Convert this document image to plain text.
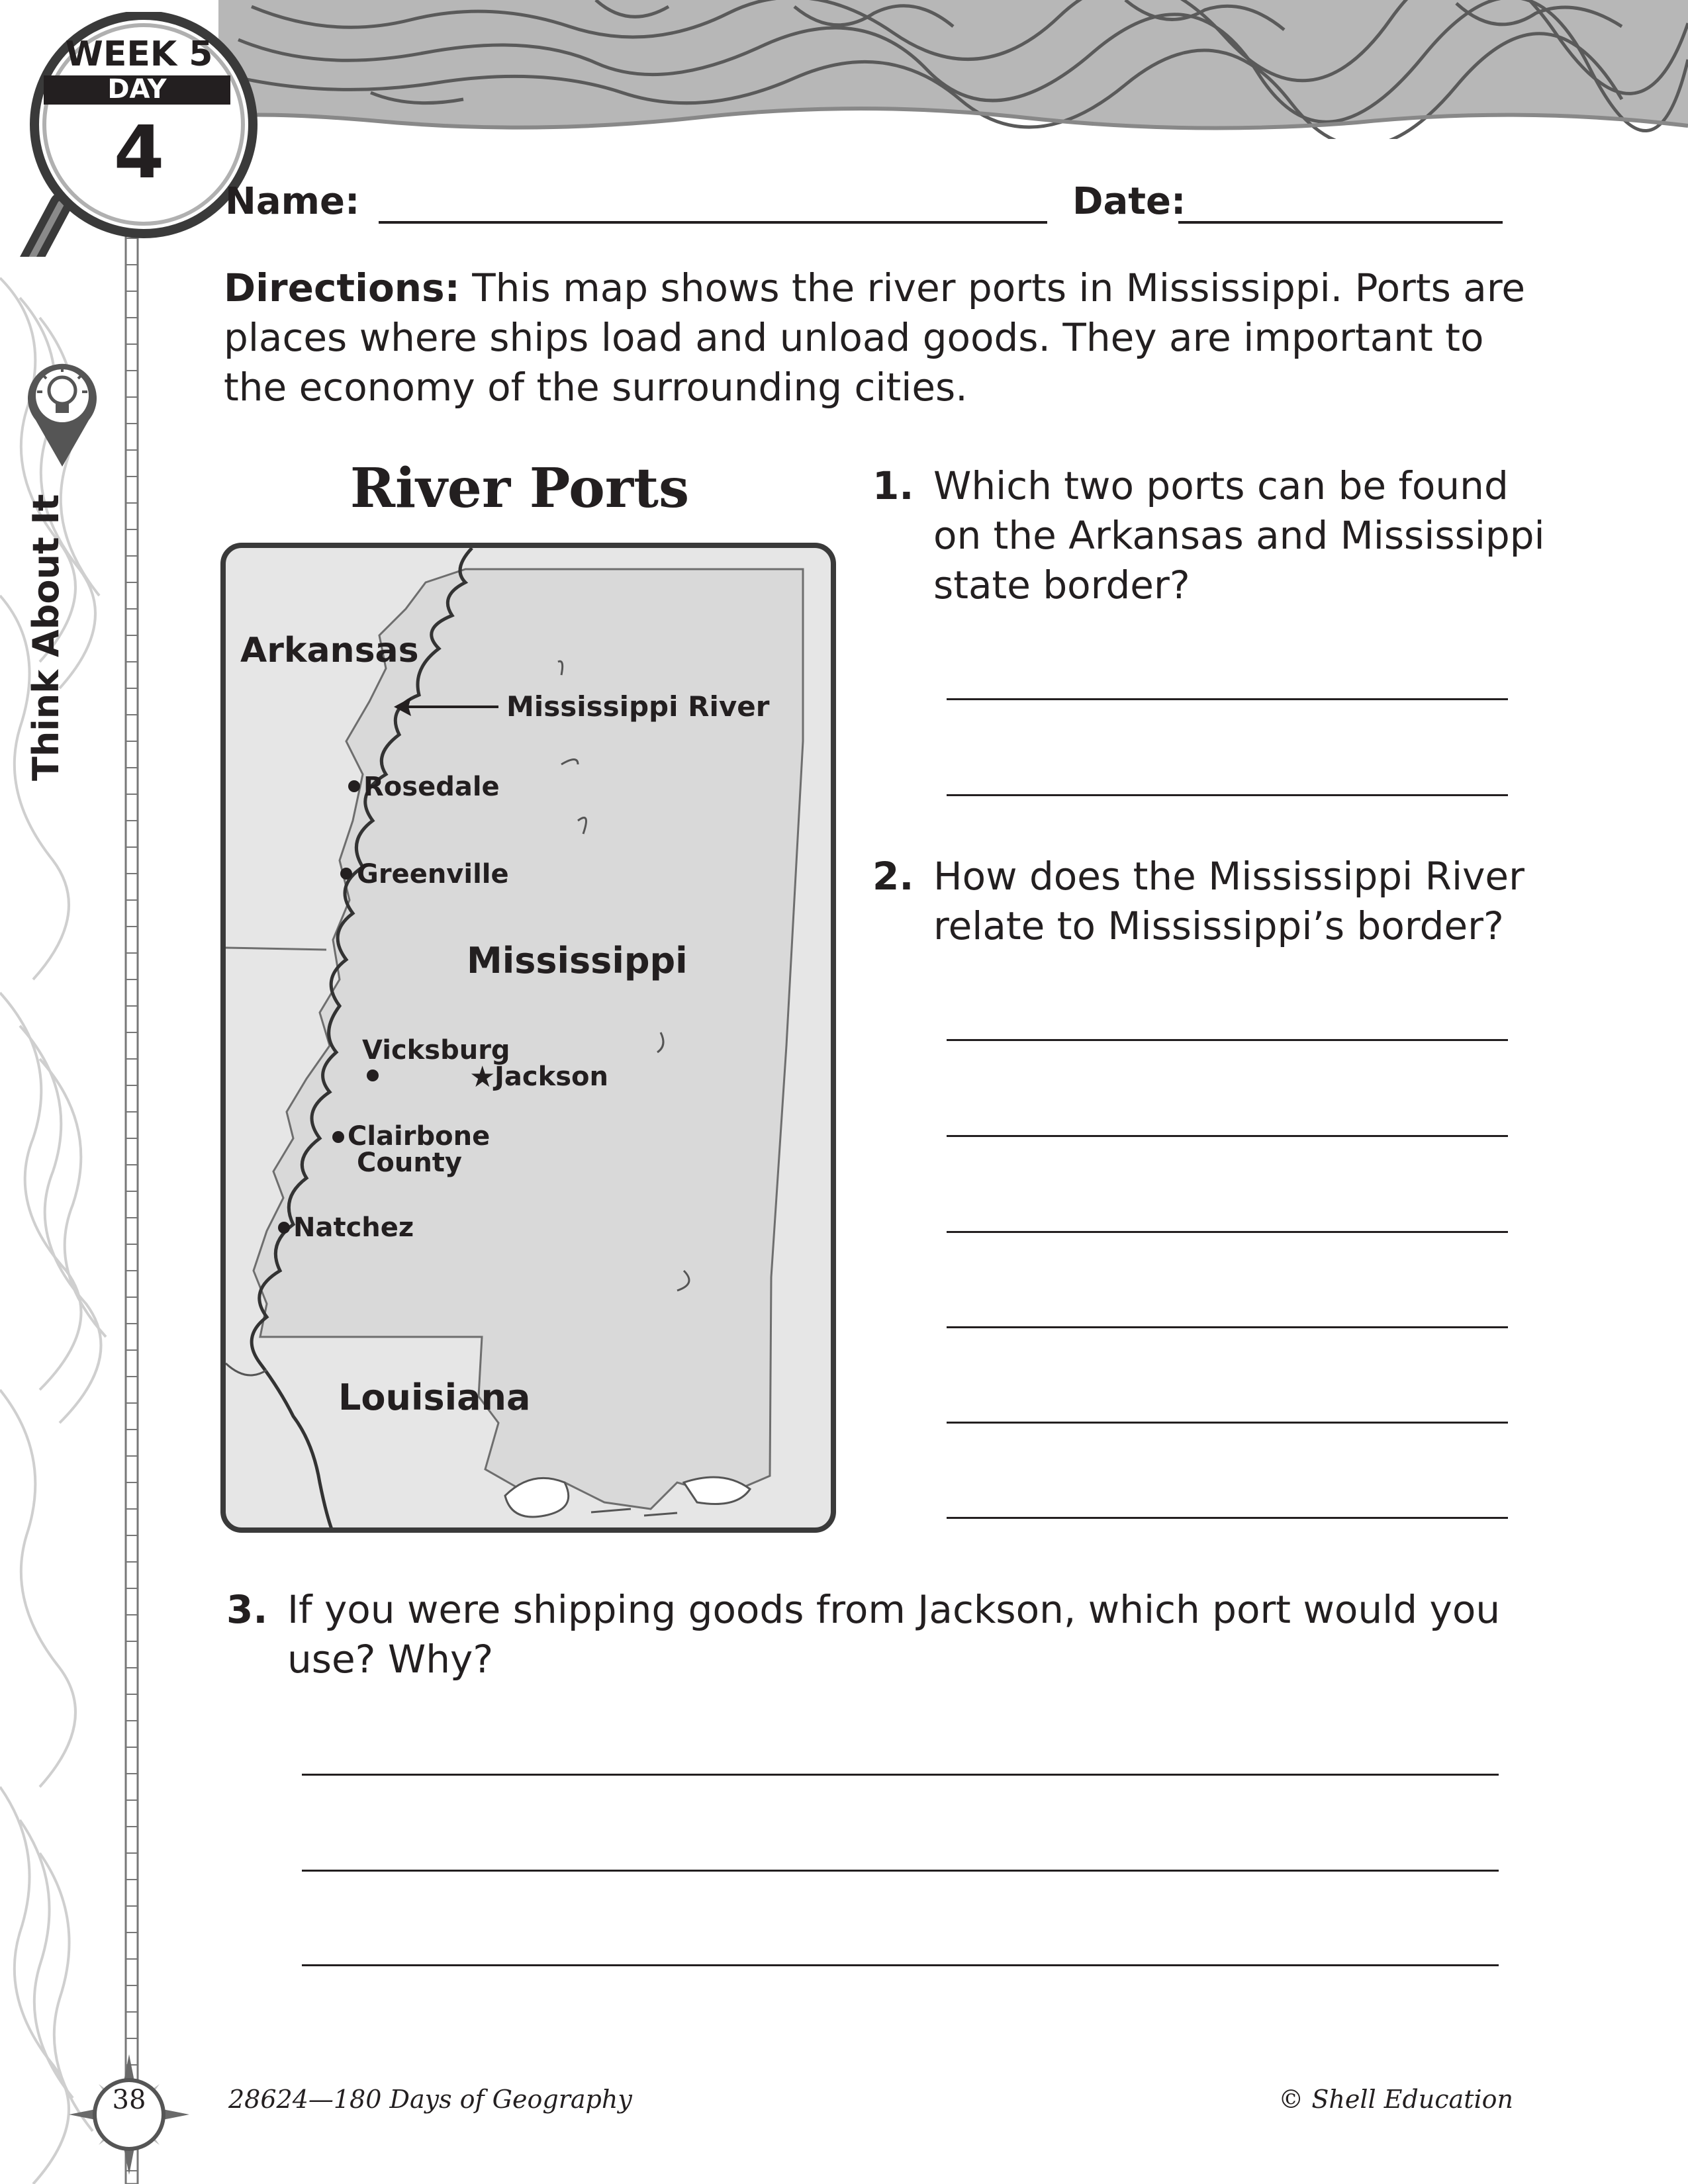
WEEK 5
DAY
4
Think About It
Name:	Date:
Directions: This map shows the river ports in Mississippi. Ports are places where ships load and unload goods. They are important to the economy of the surrounding cities.
River Ports
★
Arkansas
Mississippi River
Rosedale
Greenville
Mississippi
Vicksburg
Jackson
Clairbone
County
Natchez
Louisiana
1. Which two ports can be found
on the Arkansas and Mississippi
state border?
2. How does the Mississippi River
relate to Mississippi’s border?
3. If you were shipping goods from Jackson, which port would you
use? Why?
38	28624—180 Days of Geography	© Shell Education
